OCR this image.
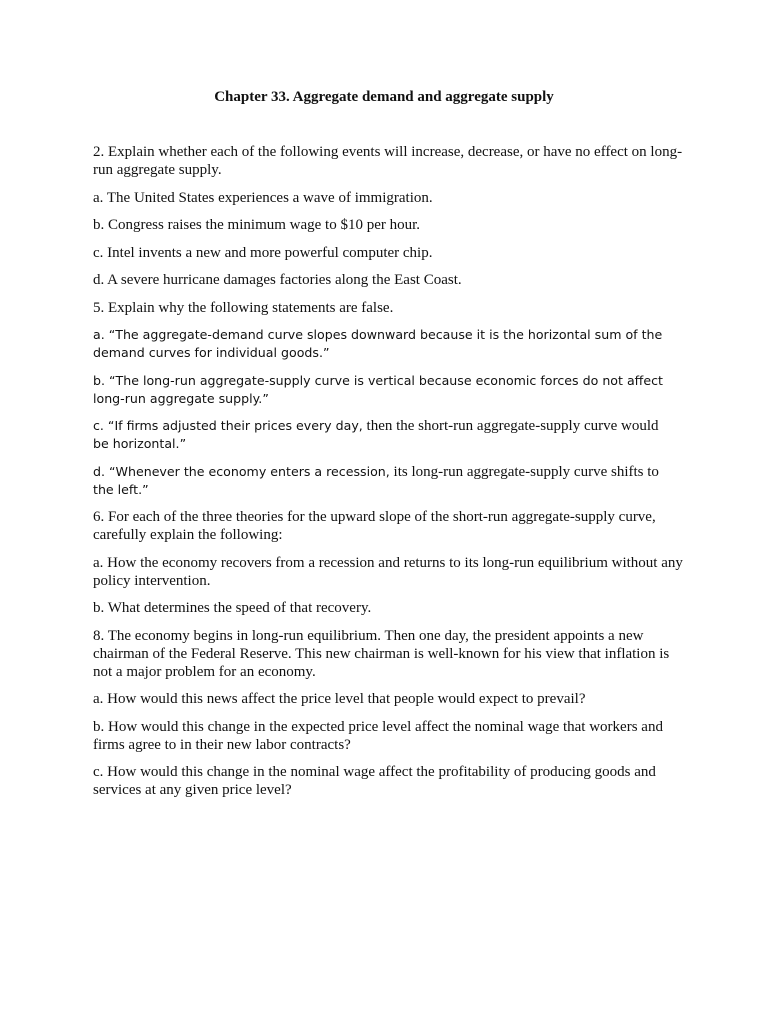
Chapter 33. Aggregate demand and aggregate supply

2. Explain whether each of the following events will increase, decrease, or have no effect on long-run aggregate supply.

a. The United States experiences a wave of immigration.

b. Congress raises the minimum wage to $10 per hour.

c. Intel invents a new and more powerful computer chip.

d. A severe hurricane damages factories along the East Coast.

5. Explain why the following statements are false.

a. “The aggregate-demand curve slopes downward because it is the horizontal sum of the
demand curves for individual goods.”

b. “The long-run aggregate-supply curve is vertical because economic forces do not affect
long-run aggregate supply.”

c. “If firms adjusted their prices every day, then the short-run aggregate-supply curve would
be horizontal.”

d. “Whenever the economy enters a recession, its long-run aggregate-supply curve shifts to
the left.”

6. For each of the three theories for the upward slope of the short-run aggregate-supply curve, carefully explain the following:

a. How the economy recovers from a recession and returns to its long-run equilibrium without any policy intervention.

b. What determines the speed of that recovery.

8. The economy begins in long-run equilibrium. Then one day, the president appoints a new chairman of the Federal Reserve. This new chairman is well-known for his view that inflation is not a major problem for an economy.

a. How would this news affect the price level that people would expect to prevail?

b. How would this change in the expected price level affect the nominal wage that workers and firms agree to in their new labor contracts?

c. How would this change in the nominal wage affect the profitability of producing goods and services at any given price level?
